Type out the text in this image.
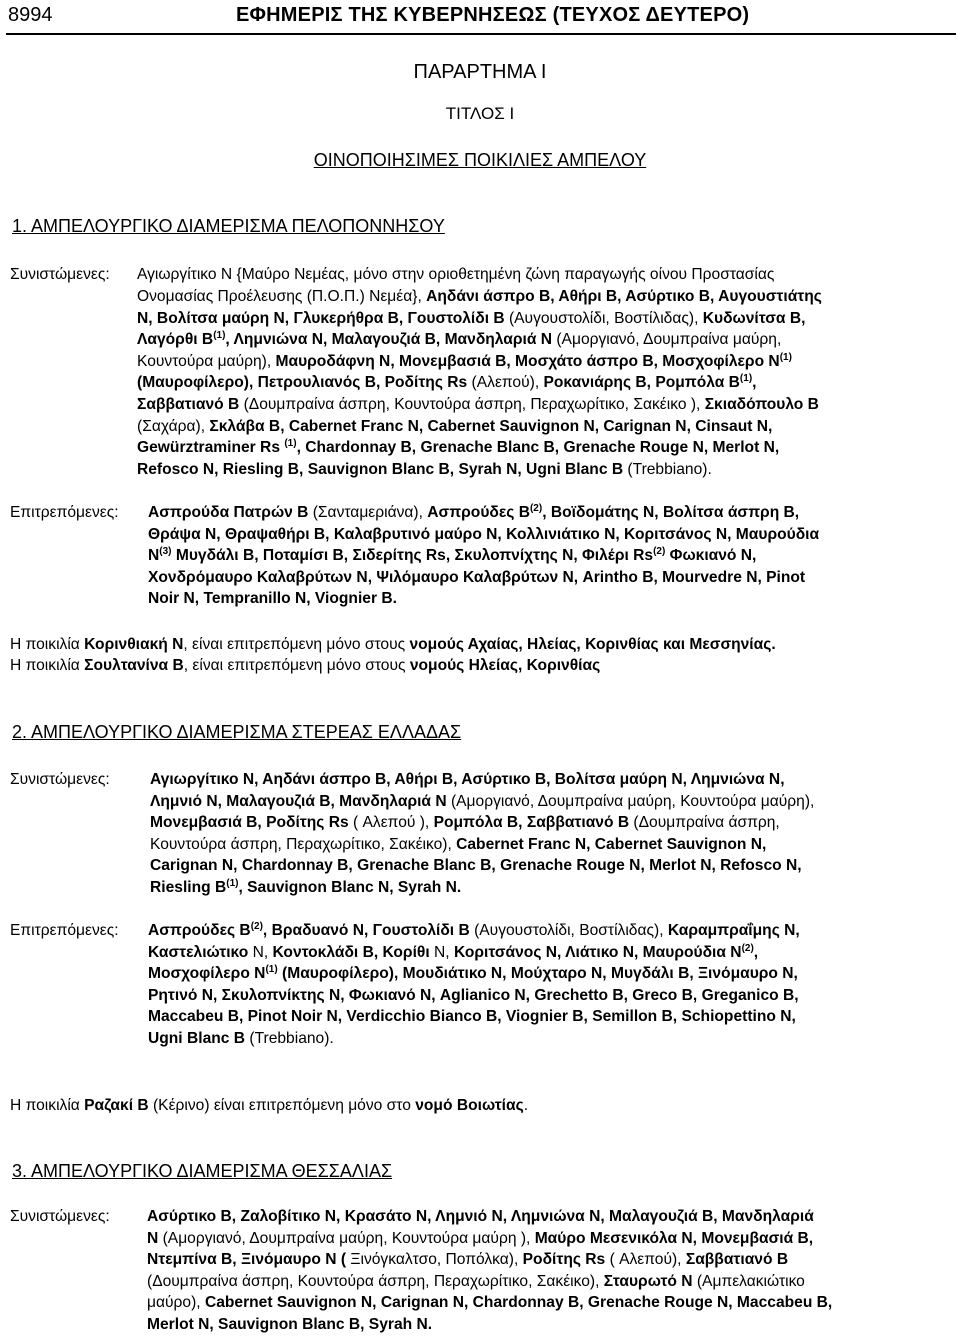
8994	ΕΦΗΜΕΡΙΣ ΤΗΣ ΚΥΒΕΡΝΗΣΕΩΣ (ΤΕΥΧΟΣ ΔΕΥΤΕΡΟ)
ΠΑΡΑΡΤΗΜΑ Ι
ΤΙΤΛΟΣ Ι
ΟΙΝΟΠΟΙΗΣΙΜΕΣ ΠΟΙΚΙΛΙΕΣ ΑΜΠΕΛΟΥ
1. ΑΜΠΕΛΟΥΡΓΙΚΟ ΔΙΑΜΕΡΙΣΜΑ ΠΕΛΟΠΟΝΝΗΣΟΥ
Συνιστώμενες: Αγιωργίτικο Ν {Μαύρο Νεμέας, μόνο στην οριοθετημένη ζώνη παραγωγής οίνου Προστασίας

Ονομασίας Προέλευσης (Π.Ο.Π.) Νεμέα}, Αηδάνι άσπρο Β, Αθήρι Β, Ασύρτικο Β, Αυγουστιάτης

Ν, Βολίτσα μαύρη Ν, Γλυκερήθρα Β, Γουστολίδι Β (Αυγουστολίδι, Βοστίλιδας), Κυδωνίτσα Β,

Λαγόρθι $B^{(1)}$, Λημνιώνα Ν, Μαλαγουζιά Β, Μανδηλαριά Ν (Αμοργιανό, Δουμπραίνα μαύρη,

Κουντούρα μαύρη), Μαυροδάφνη Ν, Μονεμβασιά Β, Μοσχάτο άσπρο Β, Μοσχοφίλερο $N^{(1)}$

(Μαυροφίλερο), Πετρουλιανός Β, Ροδίτης Rs (Αλεπού), Ροκανιάρης Β, Ρομπόλα $B^{(1)}$,

Σαββατιανό Β (Δουμπραίνα άσπρη, Κουντούρα άσπρη, Περαχωρίτικο, Σακέικο ), Σκιαδόπουλο Β

(Σαχάρα), Σκλάβα Β, Cabernet Franc N, Cabernet Sauvignon N, Carignan N, Cinsaut N,

Gewürztraminer Rs $^{(1)}$, Chardonnay B, Grenache Blanc B, Grenache Rouge N, Merlot N,

Refosco N, Riesling B, Sauvignon Blanc B, Syrah N, Ugni Blanc B (Trebbiano).

Επιτρεπόμενες: Ασπρούδα Πατρών Β (Σανταμεριάνα), Ασπρούδες $B^{(2)}$, Βοϊδομάτης Ν, Βολίτσα άσπρη Β,

Θράψα Ν, Θραψαθήρι Β, Καλαβρυτινό μαύρο Ν, Κολλινιάτικο Ν, Κοριτσάνος Ν, Μαυρούδια

$N^{(3)}$ Μυγδάλι Β, Ποταμίσι Β, Σιδερίτης Rs, Σκυλοπνίχτης Ν, Φιλέρι Rs$^{(2)}$ Φωκιανό Ν,

Χονδρόμαυρο Καλαβρύτων Ν, Ψιλόμαυρο Καλαβρύτων Ν, Arintho B, Mourvedre N, Pinot

Noir N, Tempranillo N, Viognier B.

Η ποικιλία Κορινθιακή Ν, είναι επιτρεπόμενη μόνο στους νομούς Αχαίας, Ηλείας, Κορινθίας και Μεσσηνίας.
Η ποικιλία Σουλτανίνα Β, είναι επιτρεπόμενη μόνο στους νομούς Ηλείας, Κορινθίας
2. ΑΜΠΕΛΟΥΡΓΙΚΟ ΔΙΑΜΕΡΙΣΜΑ ΣΤΕΡΕΑΣ ΕΛΛΑΔΑΣ
Συνιστώμενες:	Αγιωργίτικο Ν, Αηδάνι άσπρο Β, Αθήρι Β, Ασύρτικο Β, Βολίτσα μαύρη Ν, Λημνιώνα Ν,

Λημνιό Ν, Μαλαγουζιά Β, Μανδηλαριά Ν (Αμοργιανό, Δουμπραίνα μαύρη, Κουντούρα μαύρη),

Μονεμβασιά Β, Ροδίτης Rs ( Αλεπού ), Ρομπόλα Β, Σαββατιανό Β (Δουμπραίνα άσπρη,

Κουντούρα άσπρη, Περαχωρίτικο, Σακέικο), Cabernet Franc N, Cabernet Sauvignon N,

Carignan N, Chardonnay B, Grenache Blanc B, Grenache Rouge N, Merlot N, Refosco N,

Riesling $B^{(1)}$, Sauvignon Blanc N, Syrah N.

Επιτρεπόμενες: Ασπρούδες $B^{(2)}$, Βραδυανό Ν, Γουστολίδι Β (Αυγουστολίδι, Βοστίλιδας), Καραμπραΐμης Ν,

Καστελιώτικο Ν, Κοντοκλάδι Β, Κορίθι Ν, Κοριτσάνος Ν, Λιάτικο Ν, Μαυρούδια $N^{(2)}$,

Μοσχοφίλερο $N^{(1)}$ (Μαυροφίλερο), Μουδιάτικο Ν, Μούχταρο Ν, Μυγδάλι Β, Ξινόμαυρο Ν,

Ρητινό Ν, Σκυλοπνίκτης Ν, Φωκιανό Ν, Aglianico N, Grechetto B, Greco B, Greganico B,

Maccabeu B, Pinot Noir N, Verdicchio Bianco B, Viognier B, Semillon B, Schiopettino N,

Ugni Blanc B (Trebbiano).

Η ποικιλία Ραζακί Β (Κέρινο) είναι επιτρεπόμενη μόνο στο νομό Βοιωτίας.
3. ΑΜΠΕΛΟΥΡΓΙΚΟ ΔΙΑΜΕΡΙΣΜΑ ΘΕΣΣΑΛΙΑΣ
Συνιστώμενες: Ασύρτικο Β, Ζαλοβίτικο Ν, Κρασάτο Ν, Λημνιό Ν, Λημνιώνα Ν, Μαλαγουζιά Β, Μανδηλαριά

Ν (Αμοργιανό, Δουμπραίνα μαύρη, Κουντούρα μαύρη ), Μαύρο Μεσενικόλα Ν, Μονεμβασιά Β,

Ντεμπίνα Β, Ξινόμαυρο Ν ( Ξινόγκαλτσο, Ποπόλκα), Ροδίτης Rs ( Αλεπού), Σαββατιανό Β

(Δουμπραίνα άσπρη, Κουντούρα άσπρη, Περαχωρίτικο, Σακέικο), Σταυρωτό Ν (Αμπελακιώτικο

μαύρο), Cabernet Sauvignon N, Carignan N, Chardonnay B, Grenache Rouge N, Maccabeu B,

Merlot N, Sauvignon Blanc B, Syrah N.
